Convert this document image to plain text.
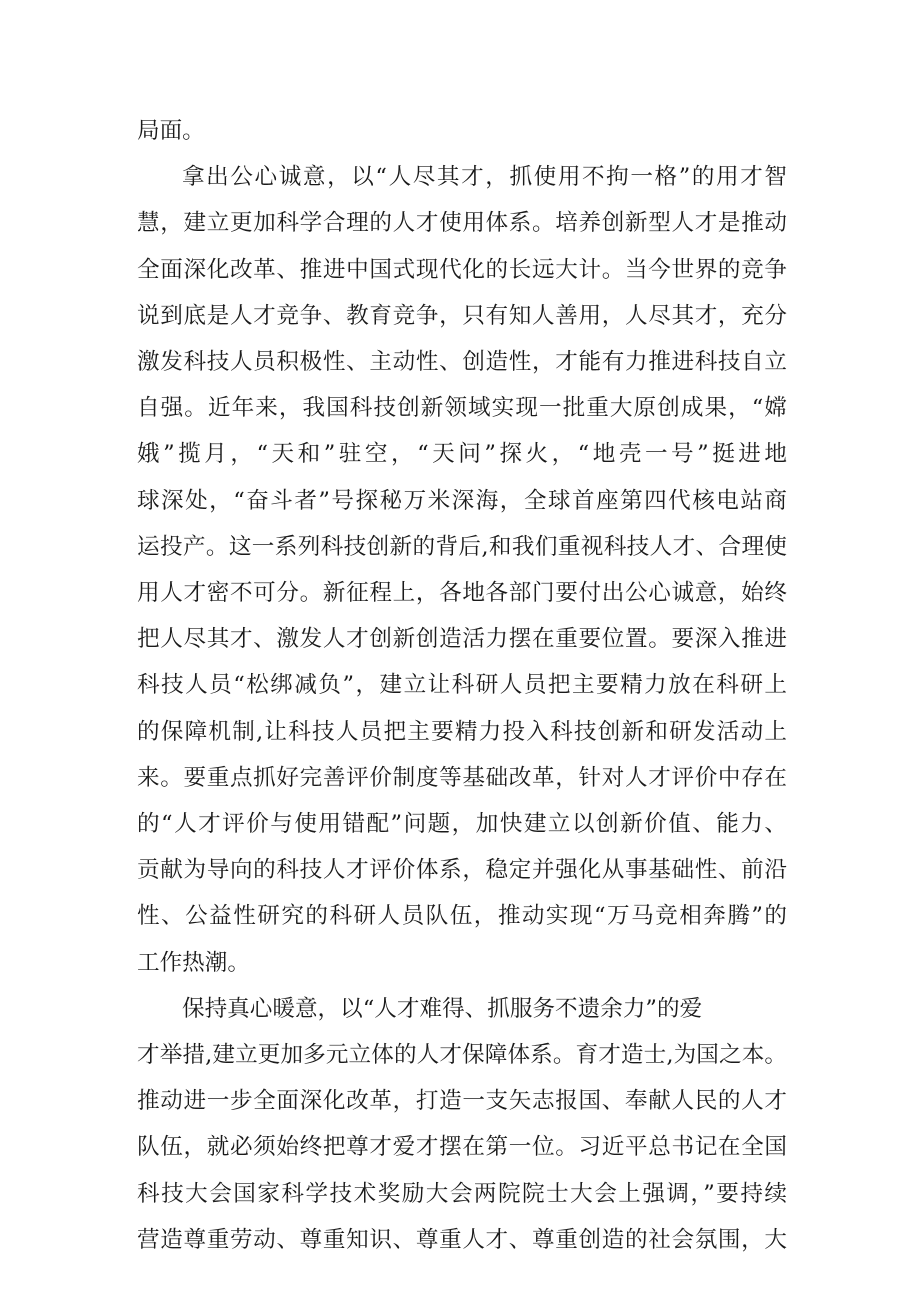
局面。
拿出公心诚意，以“人尽其才，抓使用不拘一格”的用才智
慧，建立更加科学合理的人才使用体系。培养创新型人才是推动
全面深化改革、推进中国式现代化的长远大计。当今世界的竞争
说到底是人才竞争、教育竞争，只有知人善用，人尽其才，充分
激发科技人员积极性、主动性、创造性，才能有力推进科技自立
自强。近年来，我国科技创新领域实现一批重大原创成果，“嫦
娥”揽月，“天和”驻空，“天问”探火，“地壳一号”挺进地
球深处，“奋斗者”号探秘万米深海，全球首座第四代核电站商
运投产。这一系列科技创新的背后,和我们重视科技人才、合理使
用人才密不可分。新征程上，各地各部门要付出公心诚意，始终
把人尽其才、激发人才创新创造活力摆在重要位置。要深入推进
科技人员“松绑减负”，建立让科研人员把主要精力放在科研上
的保障机制,让科技人员把主要精力投入科技创新和研发活动上
来。要重点抓好完善评价制度等基础改革，针对人才评价中存在
的“人才评价与使用错配”问题，加快建立以创新价值、能力、
贡献为导向的科技人才评价体系，稳定并强化从事基础性、前沿
性、公益性研究的科研人员队伍，推动实现“万马竞相奔腾”的
工作热潮。
保持真心暖意，以“人才难得、抓服务不遗余力”的爱
才举措,建立更加多元立体的人才保障体系。育才造士,为国之本。
推动进一步全面深化改革，打造一支矢志报国、奉献人民的人才
队伍，就必须始终把尊才爱才摆在第一位。习近平总书记在全国
科技大会国家科学技术奖励大会两院院士大会上强调，”要持续
营造尊重劳动、尊重知识、尊重人才、尊重创造的社会氛围，大
